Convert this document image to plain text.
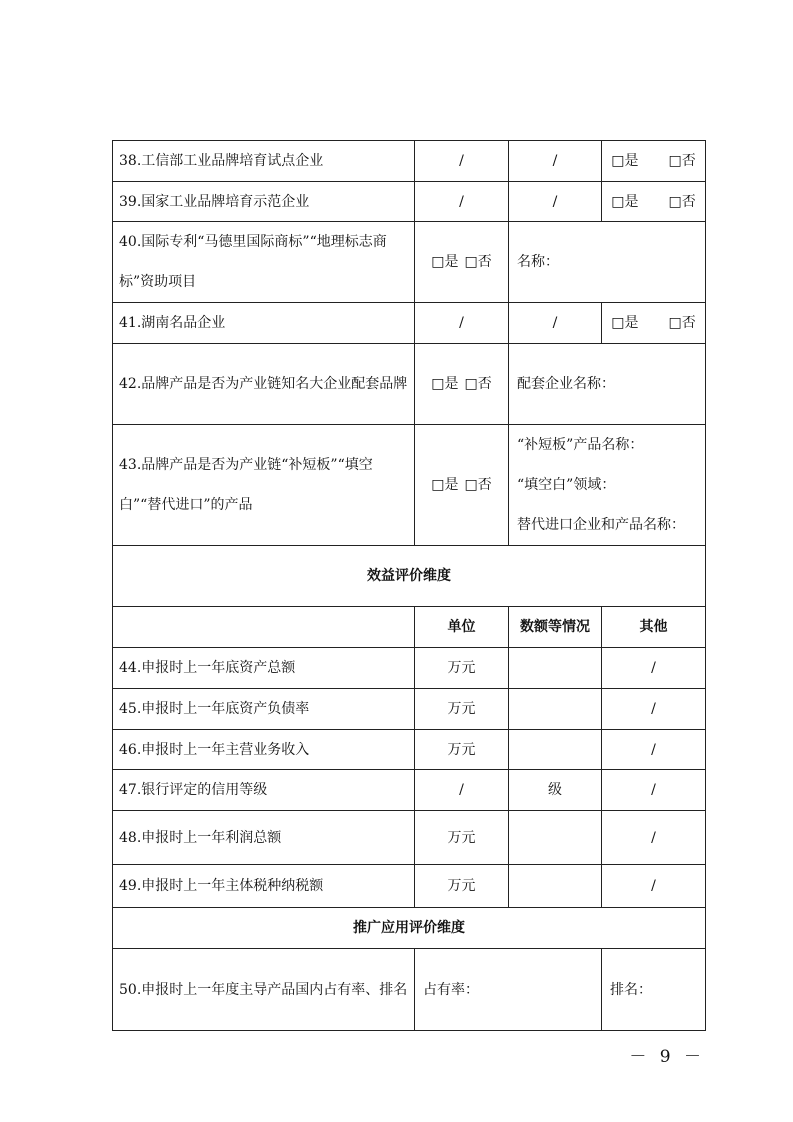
38.工信部工业品牌培育试点企业	/	/	□是 □否
39.国家工业品牌培育示范企业	/	/	□是 □否
40.国际专利“马德里国际商标”“地理标志商标”资助项目	□是 □否	名称：	
41.湖南名品企业	/	/	□是 □否
42.品牌产品是否为产业链知名大企业配套品牌	□是 □否	配套企业名称：	
43.品牌产品是否为产业链“补短板”“填空白”“替代进口”的产品	□是 □否	“补短板”产品名称：
“填空白”领域：
替代进口企业和产品名称：	

效益评价维度			
	单位	数额等情况	其他
44.申报时上一年底资产总额	万元		/
45.申报时上一年底资产负债率	万元		/
46.申报时上一年主营业务收入	万元		/
47.银行评定的信用等级	/	级	/
48.申报时上一年利润总额	万元		/
49.申报时上一年主体税种纳税额	万元		/
推广应用评价维度			
50.申报时上一年度主导产品国内占有率、排名	占有率：		排名：
－ 9 －
